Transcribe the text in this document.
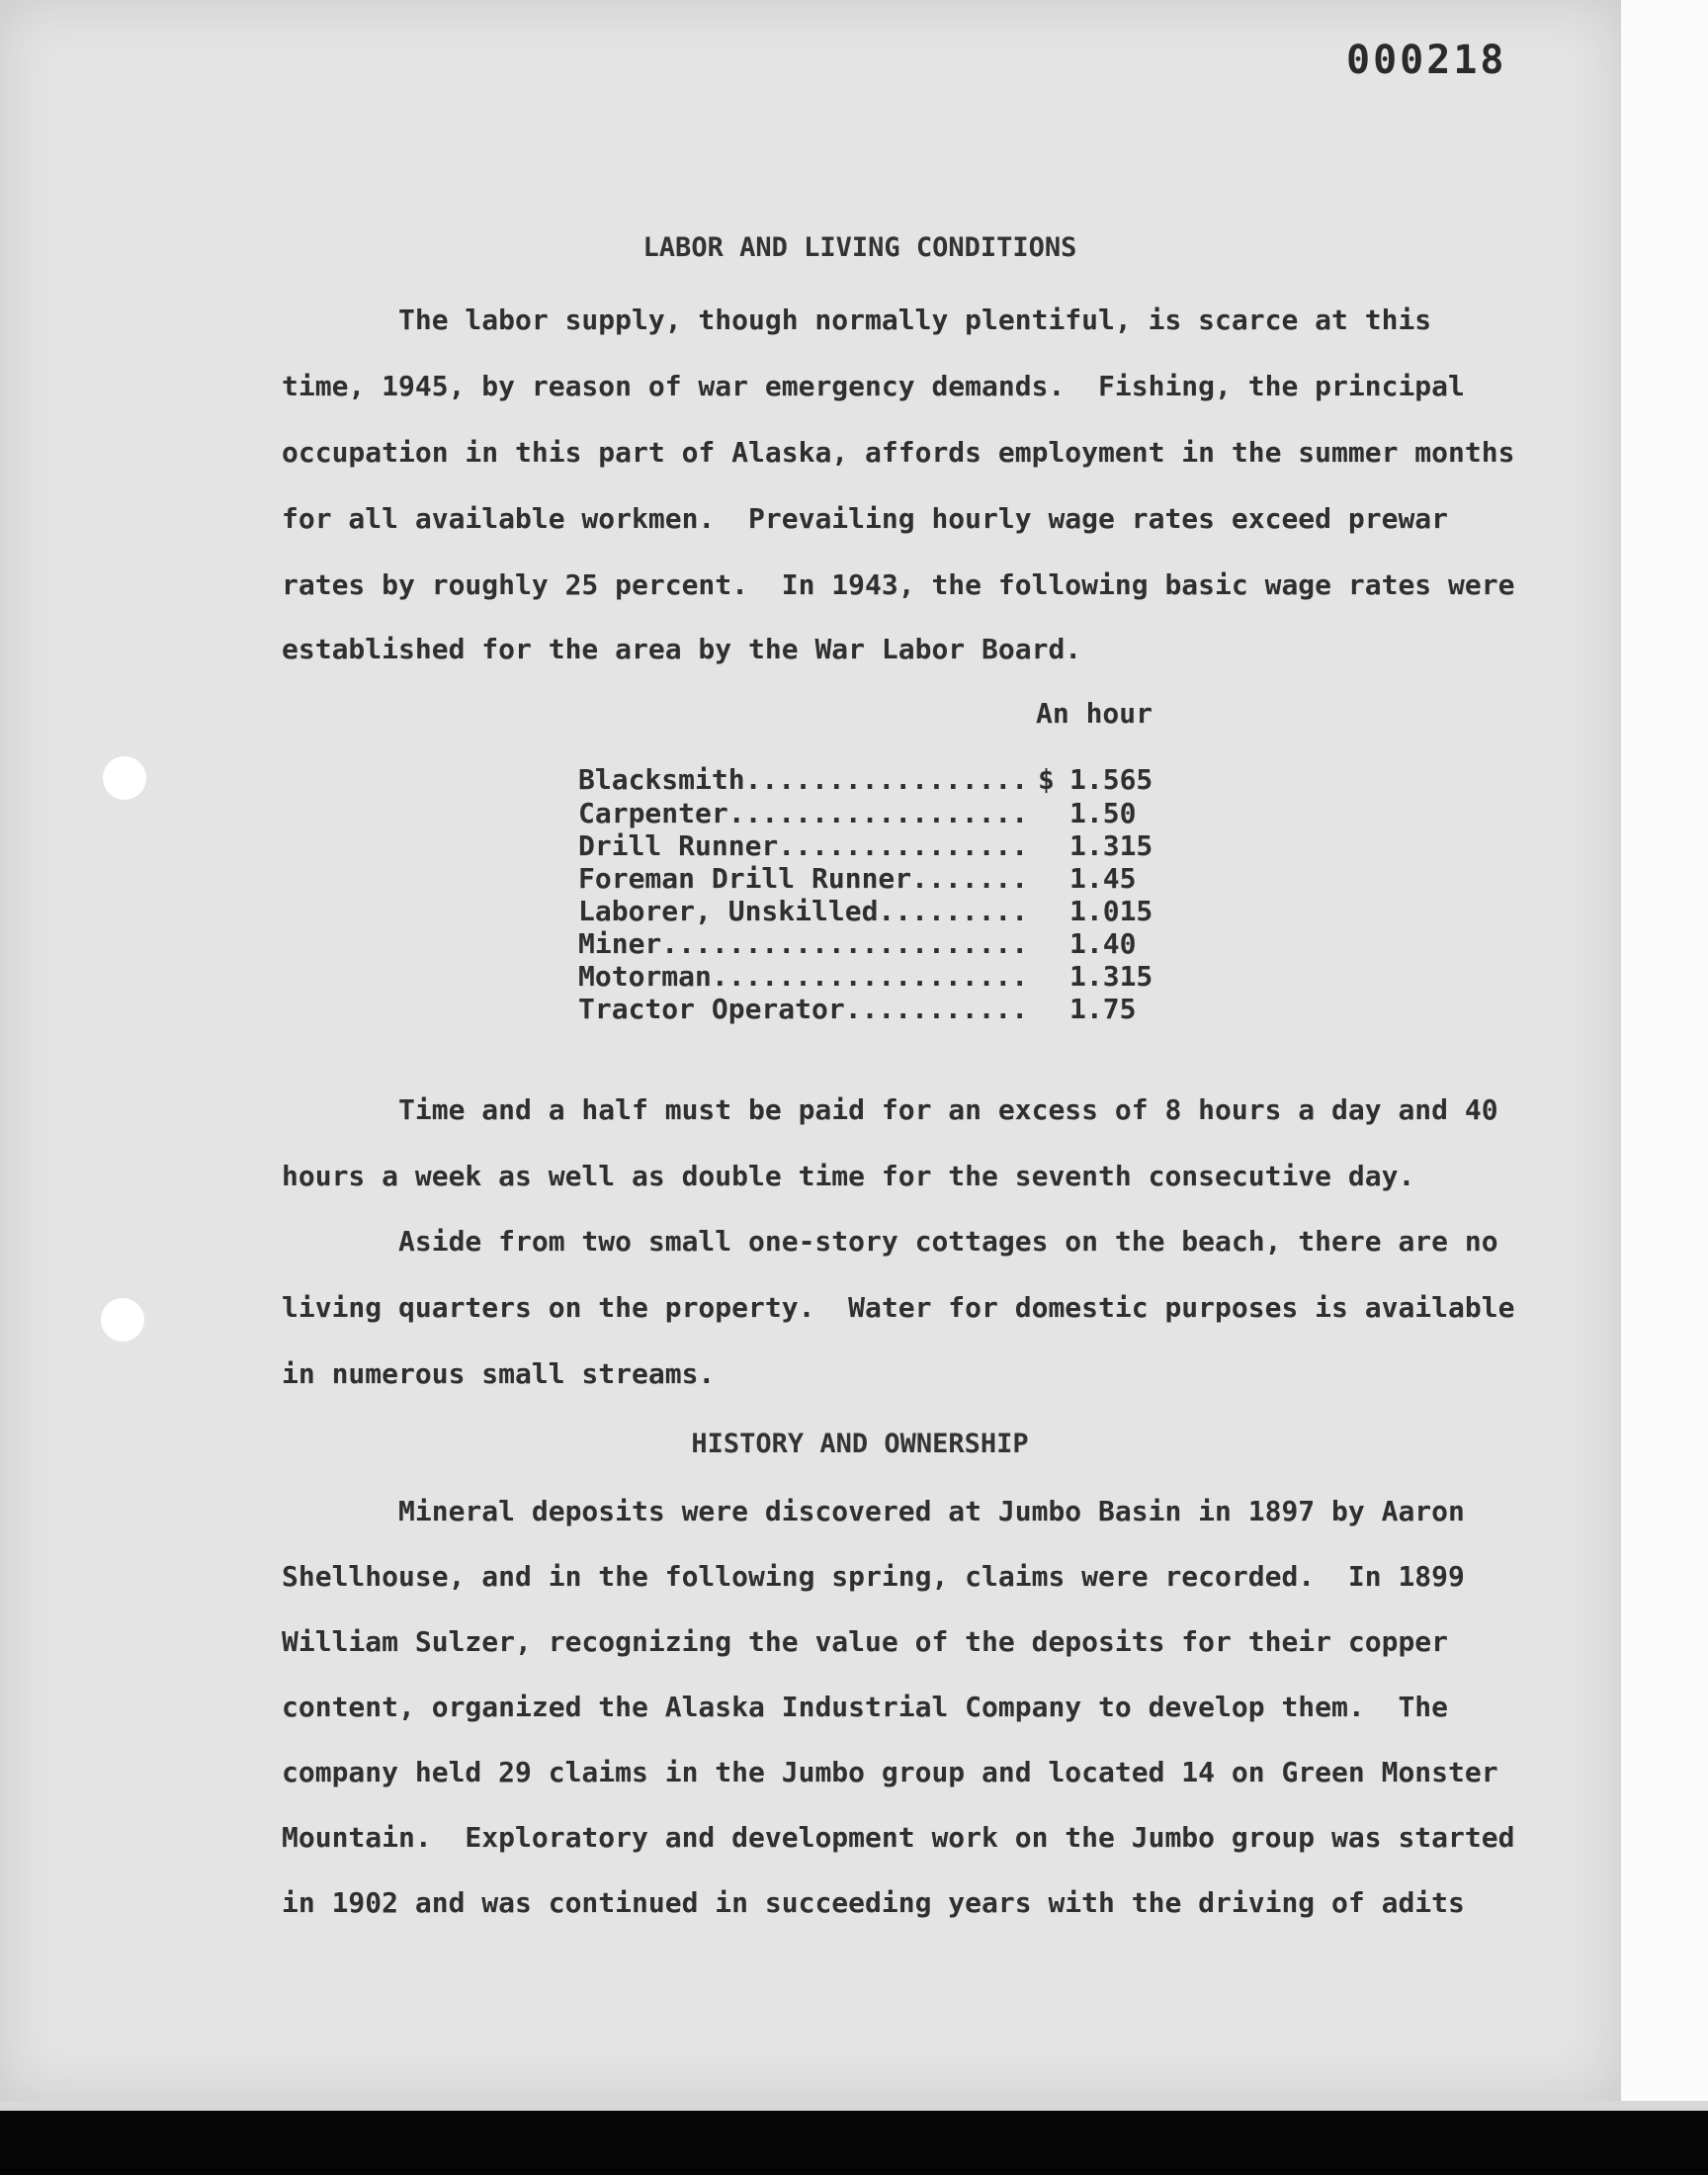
000218
LABOR AND LIVING CONDITIONS
The labor supply, though normally plentiful, is scarce at this
time, 1945, by reason of war emergency demands.  Fishing, the principal
occupation in this part of Alaska, affords employment in the summer months
for all available workmen.  Prevailing hourly wage rates exceed prewar
rates by roughly 25 percent.  In 1943, the following basic wage rates were
established for the area by the War Labor Board.
An hour
Blacksmith................. $ 1.565
Carpenter.................. 1.50
Drill Runner............... 1.315
Foreman Drill Runner....... 1.45
Laborer, Unskilled......... 1.015
Miner...................... 1.40
Motorman................... 1.315
Tractor Operator........... 1.75
Time and a half must be paid for an excess of 8 hours a day and 40
hours a week as well as double time for the seventh consecutive day.
Aside from two small one-story cottages on the beach, there are no
living quarters on the property.  Water for domestic purposes is available
in numerous small streams.
HISTORY AND OWNERSHIP
Mineral deposits were discovered at Jumbo Basin in 1897 by Aaron
Shellhouse, and in the following spring, claims were recorded.  In 1899
William Sulzer, recognizing the value of the deposits for their copper
content, organized the Alaska Industrial Company to develop them.  The
company held 29 claims in the Jumbo group and located 14 on Green Monster
Mountain.  Exploratory and development work on the Jumbo group was started
in 1902 and was continued in succeeding years with the driving of adits
